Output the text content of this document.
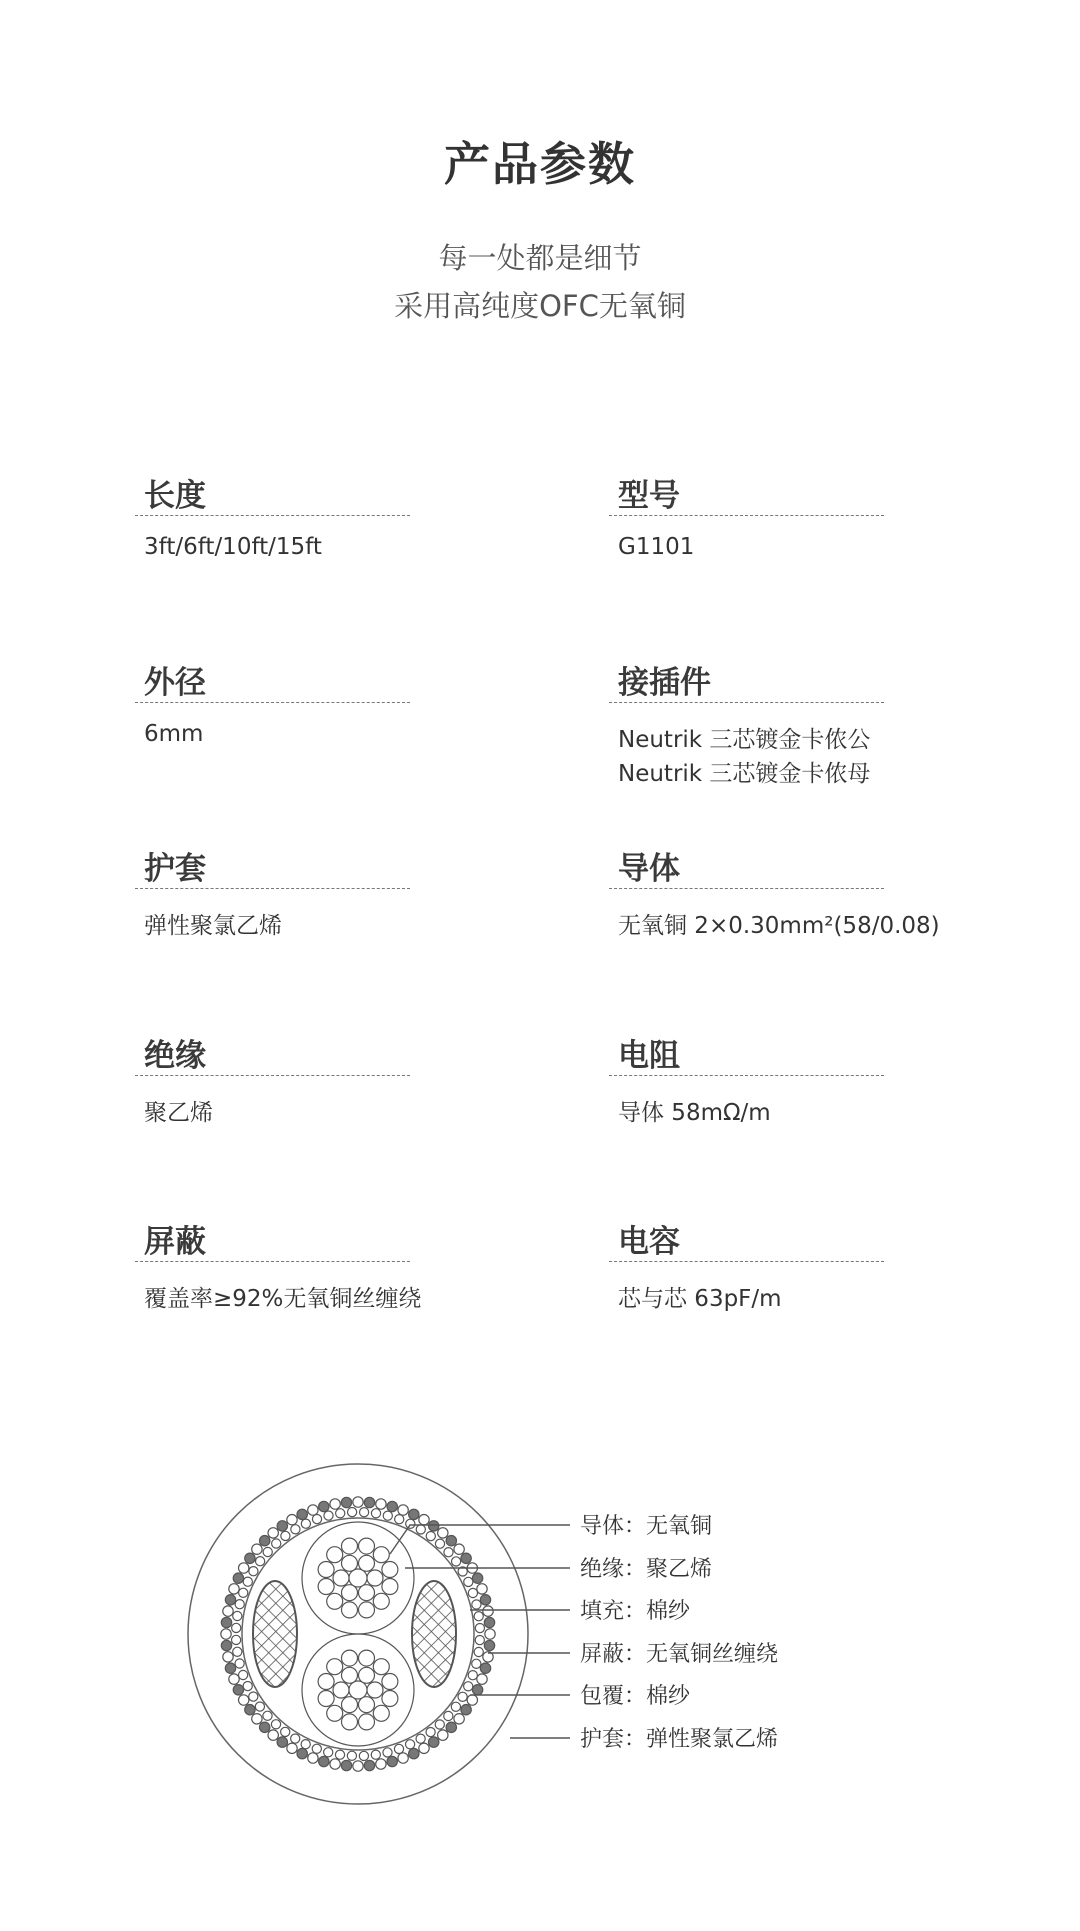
产品参数
每一处都是细节
采用高纯度OFC无氧铜
长度
3ft/6ft/10ft/15ft
型号
G1101
外径
6mm
接插件
Neutrik 三芯镀金卡侬公
Neutrik 三芯镀金卡侬母
护套
弹性聚氯乙烯
导体
无氧铜 2×0.30mm²(58/0.08)
绝缘
聚乙烯
电阻
导体 58mΩ/m
屏蔽
覆盖率≥92%无氧铜丝缠绕
电容
芯与芯 63pF/m
导体：无氧铜
绝缘：聚乙烯
填充：棉纱
屏蔽：无氧铜丝缠绕
包覆：棉纱
护套：弹性聚氯乙烯
